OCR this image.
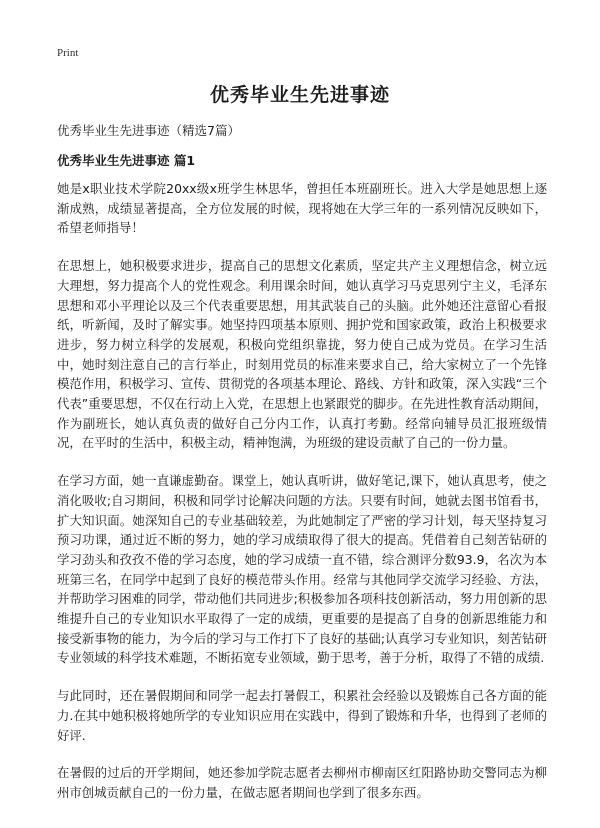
Print
优秀毕业生先进事迹

优秀毕业生先进事迹（精选7篇）

优秀毕业生先进事迹 篇1

她是x职业技术学院20xx级x班学生林思华，曾担任本班副班长。进入大学是她思想上逐渐成熟，成绩显著提高，全方位发展的时候，现将她在大学三年的一系列情况反映如下，希望老师指导！

在思想上，她积极要求进步，提高自己的思想文化素质，坚定共产主义理想信念，树立远大理想，努力提高个人的党性观念。利用课余时间，她认真学习马克思列宁主义，毛泽东思想和邓小平理论以及三个代表重要思想，用其武装自己的头脑。此外她还注意留心看报纸，听新闻，及时了解实事。她坚持四项基本原则、拥护党和国家政策，政治上积极要求进步，努力树立科学的发展观，积极向党组织靠拢，努力使自己成为党员。在学习生活中，她时刻注意自己的言行举止，时刻用党员的标准来要求自己，给大家树立了一个先锋模范作用，积极学习、宣传、贯彻党的各项基本理论、路线、方针和政策，深入实践“三个代表”重要思想，不仅在行动上入党，在思想上也紧跟党的脚步。在先进性教育活动期间，作为副班长，她认真负责的做好自己分内工作，认真打考勤。经常向辅导员汇报班级情况，在平时的生活中，积极主动，精神饱满，为班级的建设贡献了自己的一份力量。

在学习方面，她一直谦虚勤奋。课堂上，她认真听讲，做好笔记,课下，她认真思考，使之消化吸收;自习期间，积极和同学讨论解决问题的方法。只要有时间，她就去图书馆看书，扩大知识面。她深知自己的专业基础较差，为此她制定了严密的学习计划，每天坚持复习预习功课，通过近不断的努力，她的学习成绩取得了很大的提高。凭借着自己刻苦钻研的学习劲头和孜孜不倦的学习态度，她的学习成绩一直不错，综合测评分数93.9，名次为本班第三名，在同学中起到了良好的模范带头作用。经常与其他同学交流学习经验、方法，并帮助学习困难的同学，带动他们共同进步;积极参加各项科技创新活动，努力用创新的思维提升自己的专业知识水平取得了一定的成绩，更重要的是提高了自身的创新思维能力和接受新事物的能力，为今后的学习与工作打下了良好的基础;认真学习专业知识，刻苦钻研专业领域的科学技术难题，不断拓宽专业领域，勤于思考，善于分析，取得了不错的成绩.

与此同时，还在暑假期间和同学一起去打暑假工，积累社会经验以及锻炼自己各方面的能力.在其中她积极将她所学的专业知识应用在实践中，得到了锻炼和升华，也得到了老师的好评.

在暑假的过后的开学期间，她还参加学院志愿者去柳州市柳南区红阳路协助交警同志为柳州市创城贡献自己的一份力量，在做志愿者期间也学到了很多东西。
